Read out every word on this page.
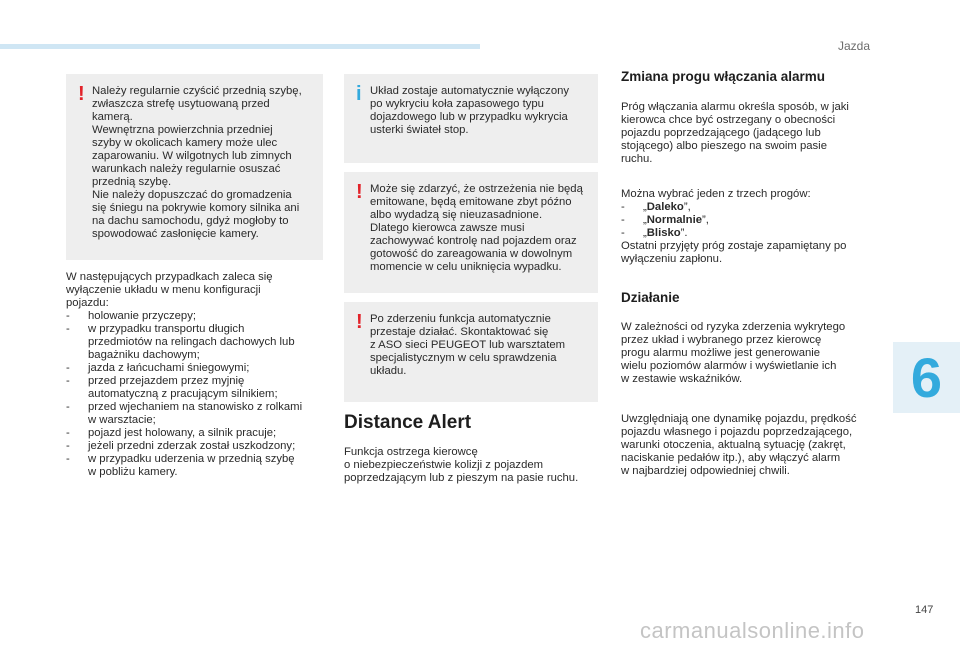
Jazda
6
147
carmanualsonline.info
! Należy regularnie czyścić przednią szybę,
zwłaszcza strefę usytuowaną przed
kamerą.
Wewnętrzna powierzchnia przedniej
szyby w okolicach kamery może ulec
zaparowaniu. W wilgotnych lub zimnych
warunkach należy regularnie osuszać
przednią szybę.
Nie należy dopuszczać do gromadzenia
się śniegu na pokrywie komory silnika ani
na dachu samochodu, gdyż mogłoby to
spowodować zasłonięcie kamery.
W następujących przypadkach zaleca się
wyłączenie układu w menu konfiguracji
pojazdu:
-	holowanie przyczepy;
-	w przypadku transportu długich
przedmiotów na relingach dachowych lub
bagażniku dachowym;
-	jazda z łańcuchami śniegowymi;
-	przed przejazdem przez myjnię
automatyczną z pracującym silnikiem;
-	przed wjechaniem na stanowisko z rolkami
w warsztacie;
-	pojazd jest holowany, a silnik pracuje;
-	jeżeli przedni zderzak został uszkodzony;
-	w przypadku uderzenia w przednią szybę
w pobliżu kamery.
i Układ zostaje automatycznie wyłączony
po wykryciu koła zapasowego typu
dojazdowego lub w przypadku wykrycia
usterki świateł stop.
! Może się zdarzyć, że ostrzeżenia nie będą
emitowane, będą emitowane zbyt późno
albo wydadzą się nieuzasadnione.
Dlatego kierowca zawsze musi
zachowywać kontrolę nad pojazdem oraz
gotowość do zareagowania w dowolnym
momencie w celu uniknięcia wypadku.
! Po zderzeniu funkcja automatycznie
przestaje działać. Skontaktować się
z ASO sieci PEUGEOT lub warsztatem
specjalistycznym w celu sprawdzenia
układu.
Distance Alert
Funkcja ostrzega kierowcę
o niebezpieczeństwie kolizji z pojazdem
poprzedzającym lub z pieszym na pasie ruchu.
Zmiana progu włączania alarmu
Próg włączania alarmu określa sposób, w jaki
kierowca chce być ostrzegany o obecności
pojazdu poprzedzającego (jadącego lub
stojącego) albo pieszego na swoim pasie
ruchu.
Można wybrać jeden z trzech progów:
-	„Daleko”,
-	„Normalnie”,
-	„Blisko”.
Ostatni przyjęty próg zostaje zapamiętany po
wyłączeniu zapłonu.
Działanie
W zależności od ryzyka zderzenia wykrytego
przez układ i wybranego przez kierowcę
progu alarmu możliwe jest generowanie
wielu poziomów alarmów i wyświetlanie ich
w zestawie wskaźników.
Uwzględniają one dynamikę pojazdu, prędkość
pojazdu własnego i pojazdu poprzedzającego,
warunki otoczenia, aktualną sytuację (zakręt,
naciskanie pedałów itp.), aby włączyć alarm
w najbardziej odpowiedniej chwili.
